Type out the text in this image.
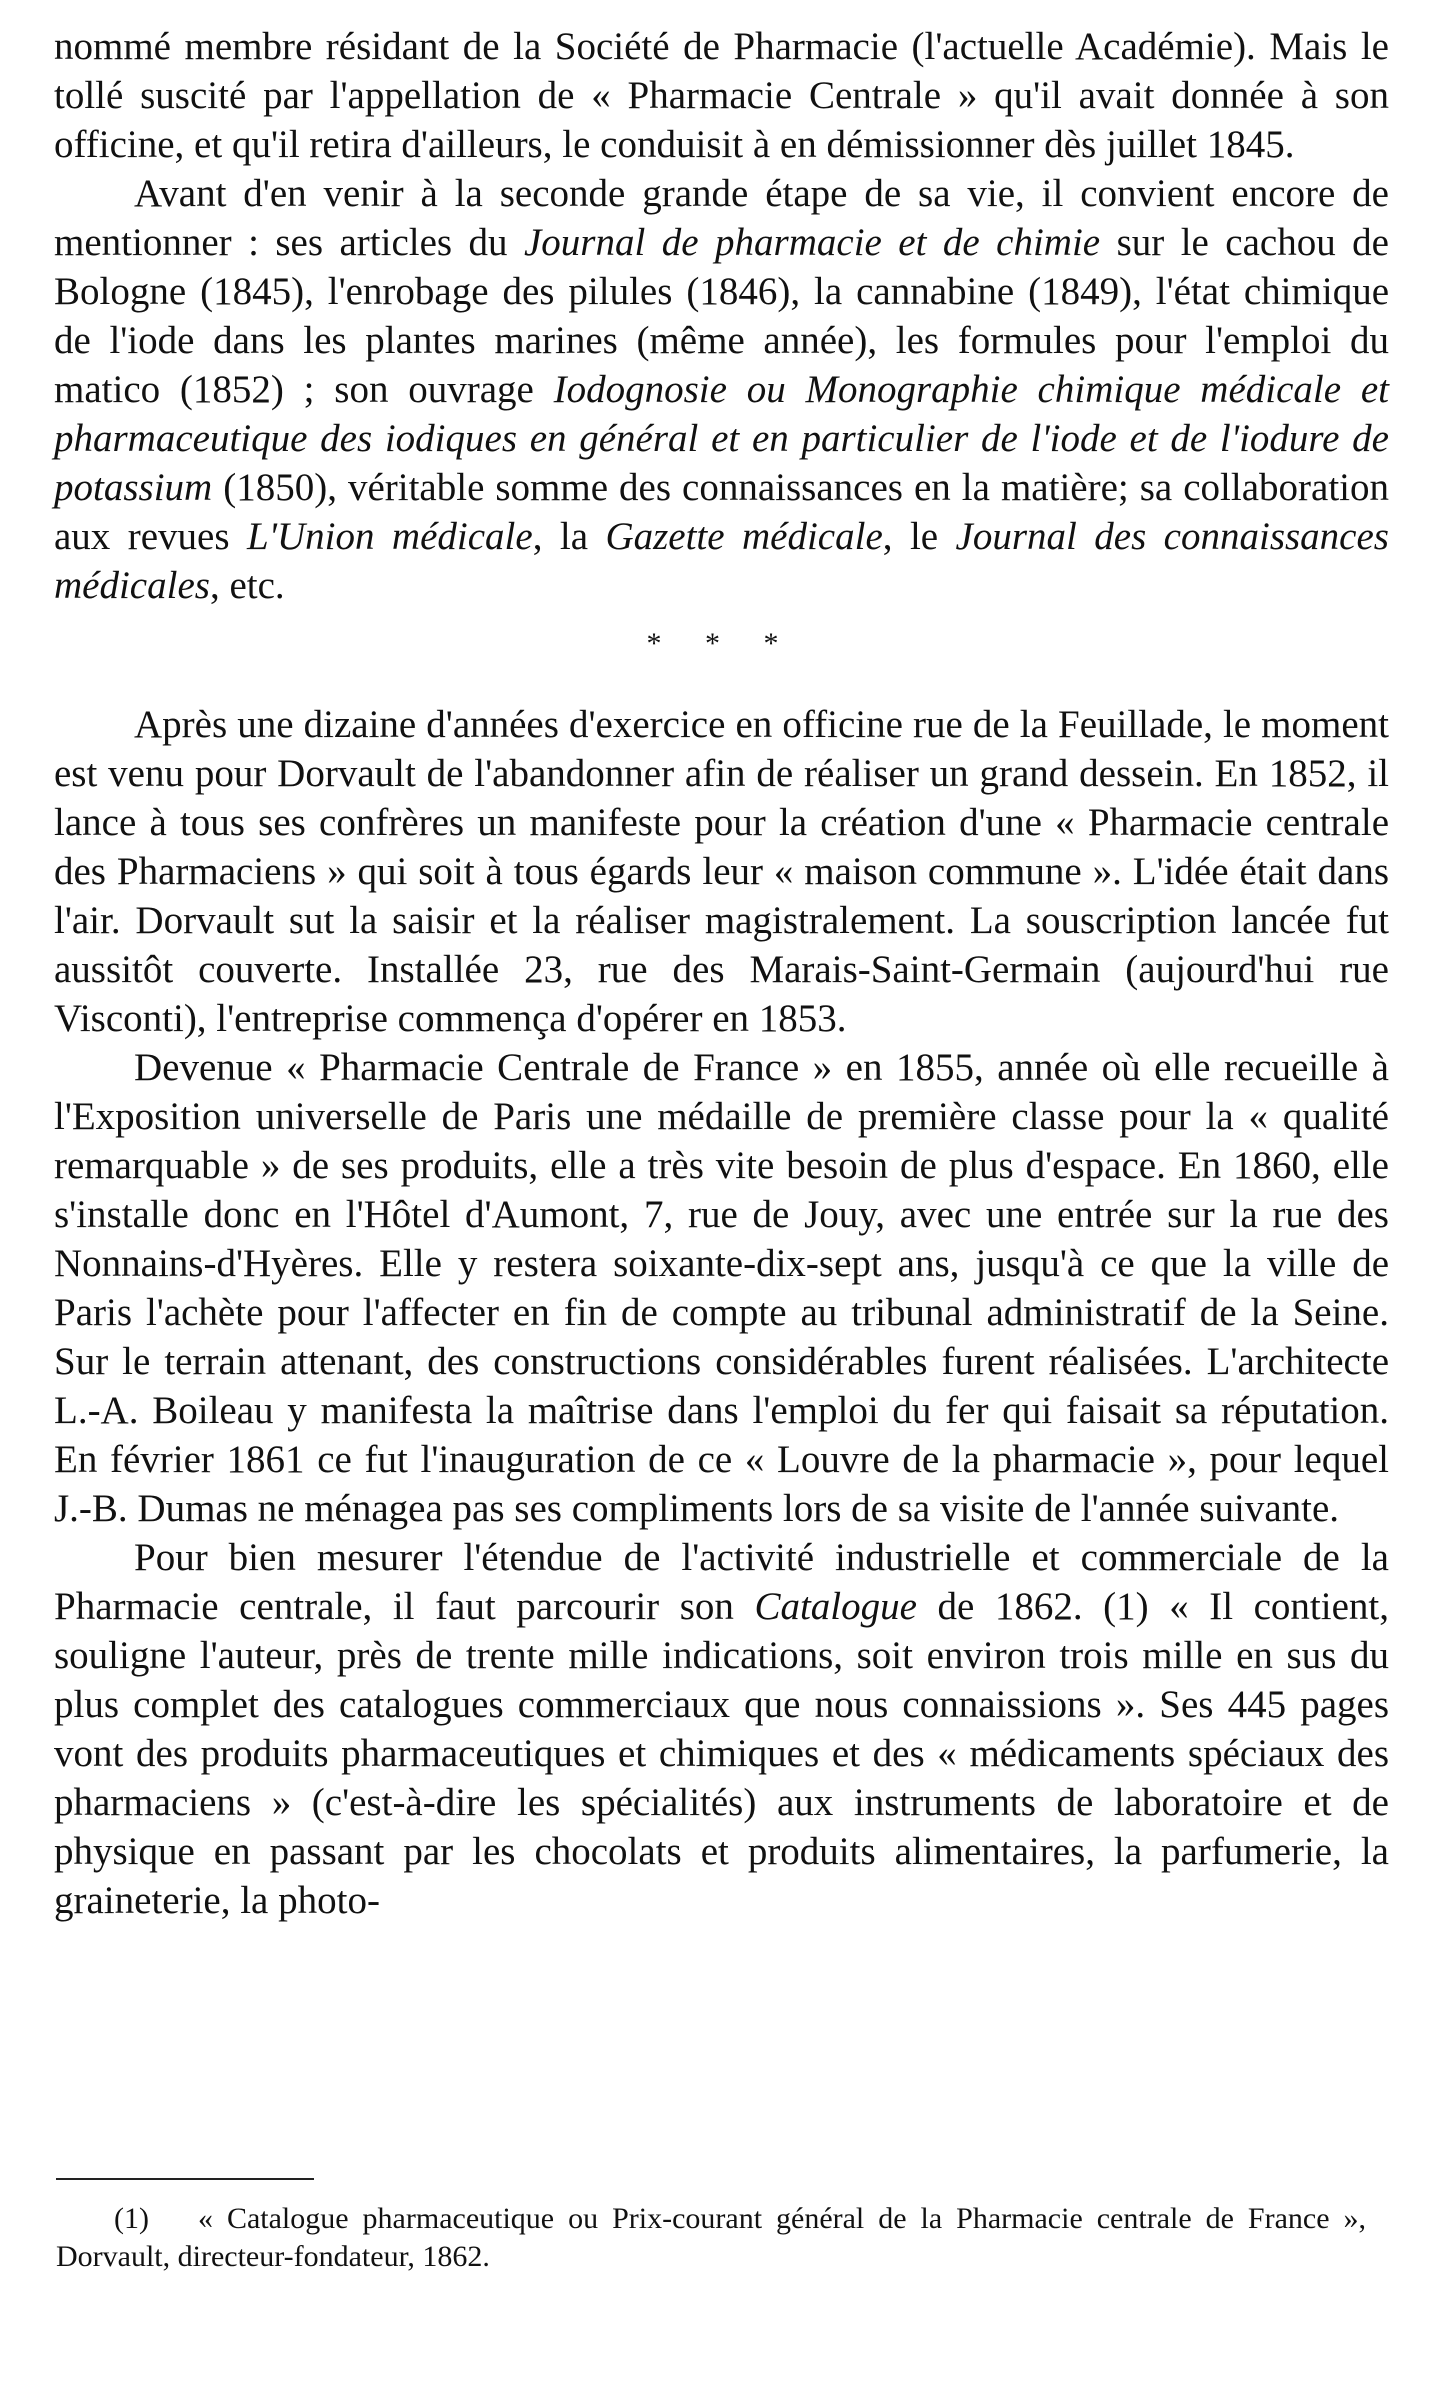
nommé membre résidant de la Société de Pharmacie (l'actuelle Académie). Mais le tollé suscité par l'appellation de « Pharmacie Centrale » qu'il avait donnée à son officine, et qu'il retira d'ailleurs, le conduisit à en démissionner dès juillet 1845.

Avant d'en venir à la seconde grande étape de sa vie, il convient encore de mentionner : ses articles du Journal de pharmacie et de chimie sur le cachou de Bologne (1845), l'enrobage des pilules (1846), la cannabine (1849), l'état chimique de l'iode dans les plantes marines (même année), les formules pour l'emploi du matico (1852) ; son ouvrage Iodognosie ou Monographie chimique médicale et pharmaceutique des iodiques en général et en particulier de l'iode et de l'iodure de potassium (1850), véritable somme des connaissances en la matière; sa collaboration aux revues L'Union médicale, la Gazette médicale, le Journal des connaissances médicales, etc.

* * *

Après une dizaine d'années d'exercice en officine rue de la Feuillade, le moment est venu pour Dorvault de l'abandonner afin de réaliser un grand dessein. En 1852, il lance à tous ses confrères un manifeste pour la création d'une « Pharmacie centrale des Pharmaciens » qui soit à tous égards leur « maison commune ». L'idée était dans l'air. Dorvault sut la saisir et la réaliser magistralement. La souscription lancée fut aussitôt couverte. Installée 23, rue des Marais-Saint-Germain (aujourd'hui rue Visconti), l'entreprise commença d'opérer en 1853.

Devenue « Pharmacie Centrale de France » en 1855, année où elle recueille à l'Exposition universelle de Paris une médaille de première classe pour la « qualité remarquable » de ses produits, elle a très vite besoin de plus d'espace. En 1860, elle s'installe donc en l'Hôtel d'Aumont, 7, rue de Jouy, avec une entrée sur la rue des Nonnains-d'Hyères. Elle y restera soixante-dix-sept ans, jusqu'à ce que la ville de Paris l'achète pour l'affecter en fin de compte au tribunal administratif de la Seine. Sur le terrain attenant, des constructions considérables furent réalisées. L'architecte L.-A. Boileau y manifesta la maîtrise dans l'emploi du fer qui faisait sa réputation. En février 1861 ce fut l'inauguration de ce « Louvre de la pharmacie », pour lequel J.-B. Dumas ne ménagea pas ses compliments lors de sa visite de l'année suivante.

Pour bien mesurer l'étendue de l'activité industrielle et commerciale de la Pharmacie centrale, il faut parcourir son Catalogue de 1862. (1) « Il contient, souligne l'auteur, près de trente mille indications, soit environ trois mille en sus du plus complet des catalogues commerciaux que nous connaissions ». Ses 445 pages vont des produits pharmaceutiques et chimiques et des « médicaments spéciaux des pharmaciens » (c'est-à-dire les spécialités) aux instruments de laboratoire et de physique en passant par les chocolats et produits alimentaires, la parfumerie, la graineterie, la photo-

(1) « Catalogue pharmaceutique ou Prix-courant général de la Pharmacie centrale de France », Dorvault, directeur-fondateur, 1862.
